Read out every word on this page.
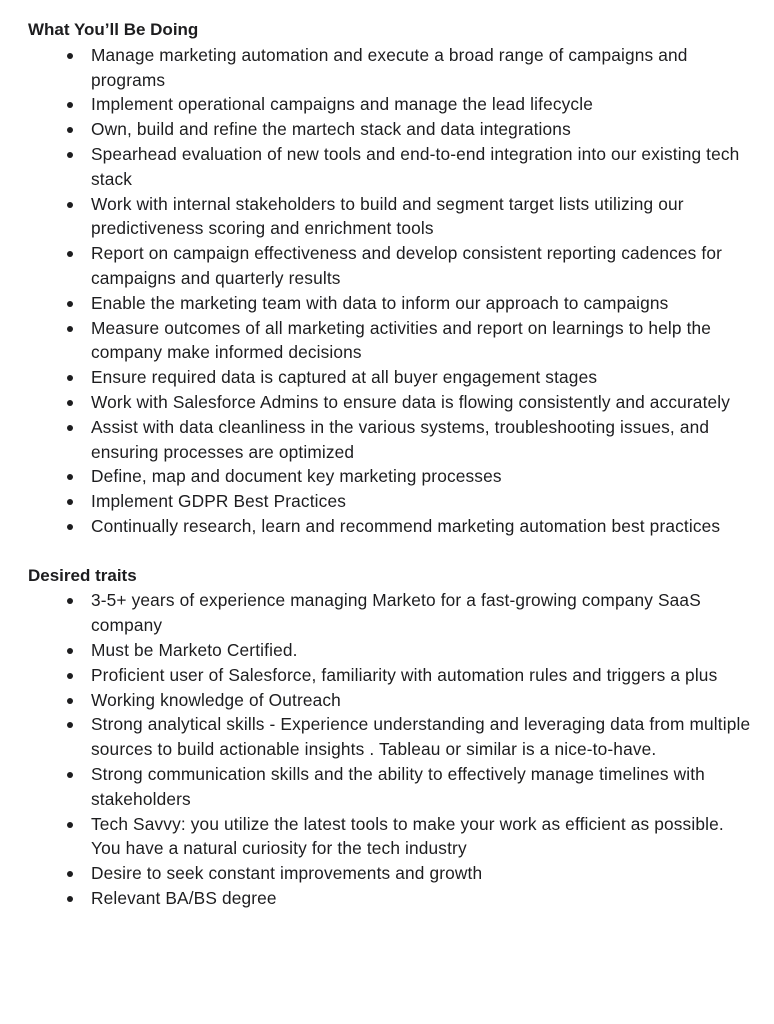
What You’ll Be Doing
Manage marketing automation and execute a broad range of campaigns and programs
Implement operational campaigns and manage the lead lifecycle
Own, build and refine the martech stack and data integrations
Spearhead evaluation of new tools and end-to-end integration into our existing tech stack
Work with internal stakeholders to build and segment target lists utilizing our predictiveness scoring and enrichment tools
Report on campaign effectiveness and develop consistent reporting cadences for campaigns and quarterly results
Enable the marketing team with data to inform our approach to campaigns
Measure outcomes of all marketing activities and report on learnings to help the company make informed decisions
Ensure required data is captured at all buyer engagement stages
Work with Salesforce Admins to ensure data is flowing consistently and accurately
Assist with data cleanliness in the various systems, troubleshooting issues, and ensuring processes are optimized
Define, map and document key marketing processes
Implement GDPR Best Practices
Continually research, learn and recommend marketing automation best practices
Desired traits
3-5+ years of experience managing Marketo for a fast-growing company SaaS company
Must be Marketo Certified.
Proficient user of Salesforce, familiarity with automation rules and triggers a plus
Working knowledge of Outreach
Strong analytical skills - Experience understanding and leveraging data from multiple sources to build actionable insights . Tableau or similar is a nice-to-have.
Strong communication skills and the ability to effectively manage timelines with stakeholders
Tech Savvy: you utilize the latest tools to make your work as efficient as possible. You have a natural curiosity for the tech industry
Desire to seek constant improvements and growth
Relevant BA/BS degree
